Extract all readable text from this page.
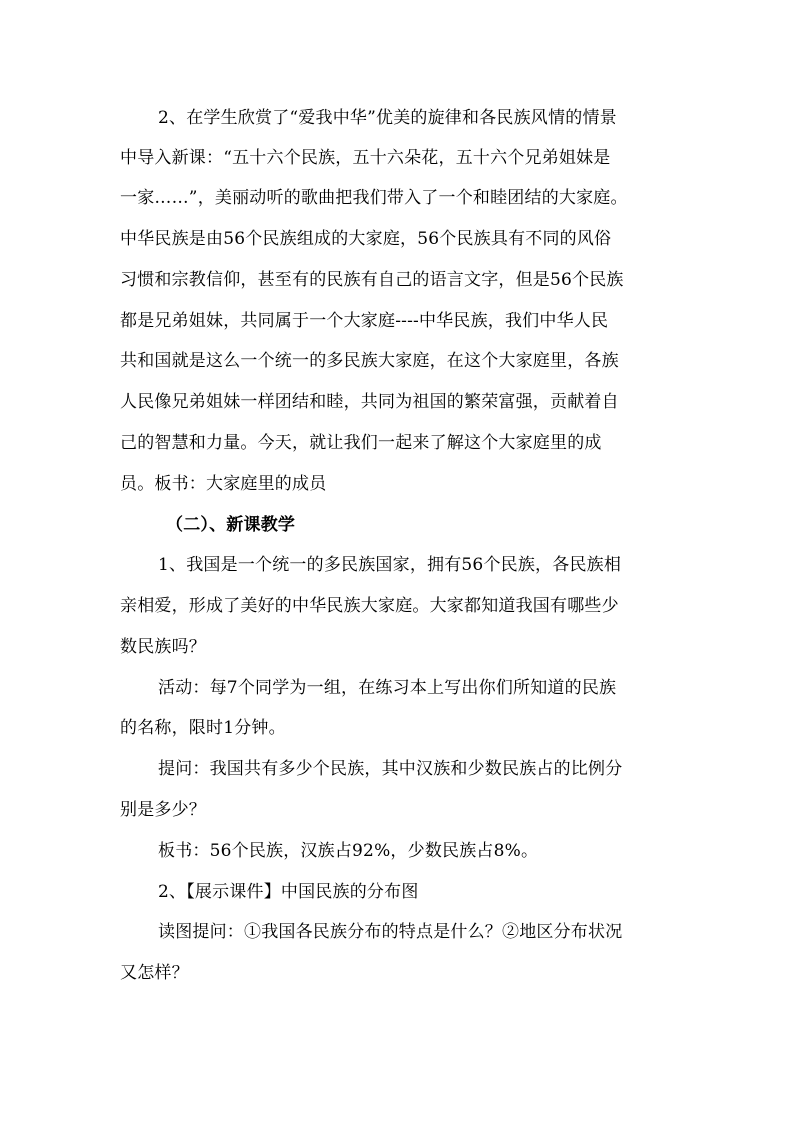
2、在学生欣赏了“爱我中华”优美的旋律和各民族风情的情景
中导入新课：“五十六个民族，五十六朵花，五十六个兄弟姐妹是
一家……”，美丽动听的歌曲把我们带入了一个和睦团结的大家庭。
中华民族是由56个民族组成的大家庭，56个民族具有不同的风俗
习惯和宗教信仰，甚至有的民族有自己的语言文字，但是56个民族
都是兄弟姐妹，共同属于一个大家庭----中华民族，我们中华人民
共和国就是这么一个统一的多民族大家庭，在这个大家庭里，各族
人民像兄弟姐妹一样团结和睦，共同为祖国的繁荣富强，贡献着自
己的智慧和力量。今天，就让我们一起来了解这个大家庭里的成
员。板书：大家庭里的成员
（二）、新课教学
1、我国是一个统一的多民族国家，拥有56个民族，各民族相
亲相爱，形成了美好的中华民族大家庭。大家都知道我国有哪些少
数民族吗？
活动：每7个同学为一组，在练习本上写出你们所知道的民族
的名称，限时1分钟。
提问：我国共有多少个民族，其中汉族和少数民族占的比例分
别是多少？
板书：56个民族，汉族占92%，少数民族占8%。
2、【展示课件】中国民族的分布图
读图提问：①我国各民族分布的特点是什么？②地区分布状况
又怎样？
